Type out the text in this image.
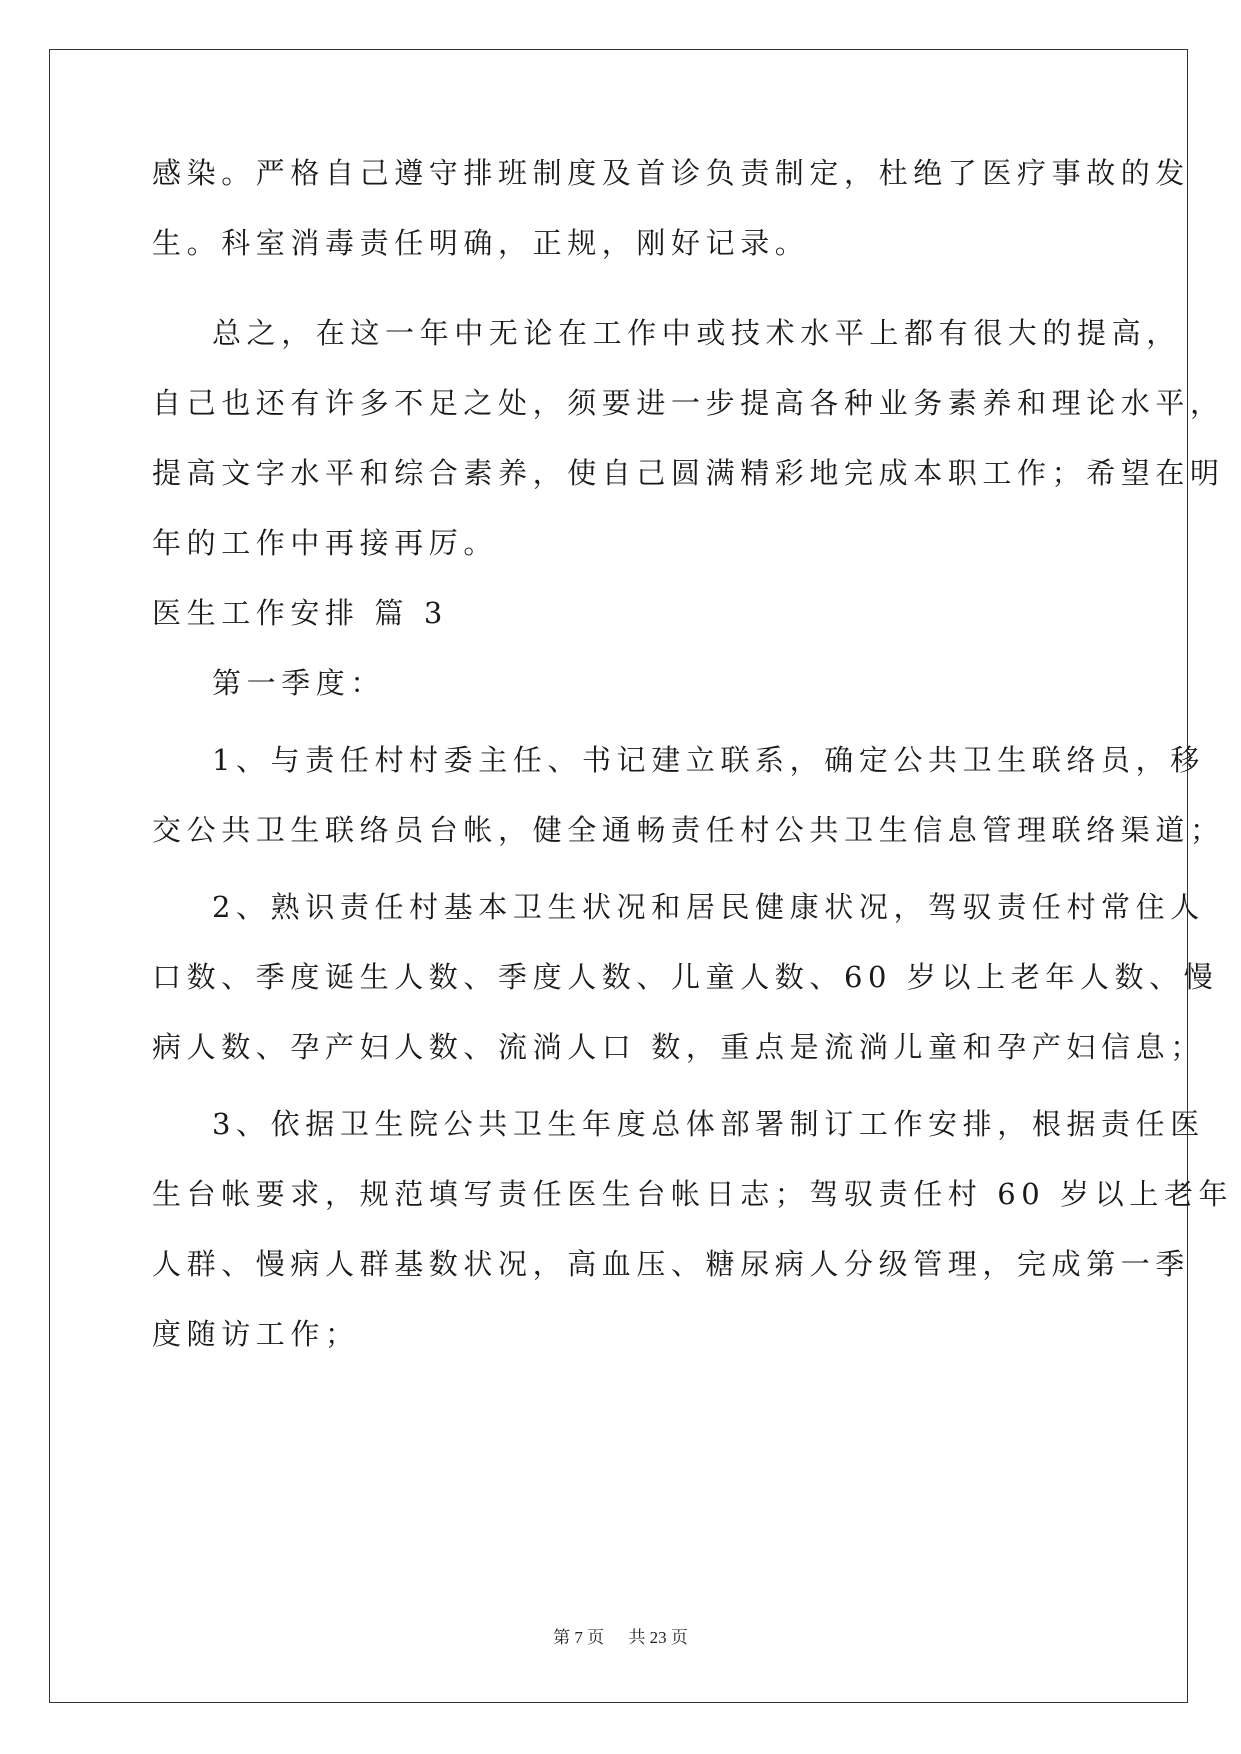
感染。严格自己遵守排班制度及首诊负责制定，杜绝了医疗事故的发
生。科室消毒责任明确，正规，刚好记录。
总之，在这一年中无论在工作中或技术水平上都有很大的提高，
自己也还有许多不足之处，须要进一步提高各种业务素养和理论水平，
提高文字水平和综合素养，使自己圆满精彩地完成本职工作；希望在明
年的工作中再接再厉。
医生工作安排 篇 3
第一季度：
1、与责任村村委主任、书记建立联系，确定公共卫生联络员，移
交公共卫生联络员台帐，健全通畅责任村公共卫生信息管理联络渠道；
2、熟识责任村基本卫生状况和居民健康状况，驾驭责任村常住人
口数、季度诞生人数、季度人数、儿童人数、60 岁以上老年人数、慢
病人数、孕产妇人数、流淌人口 数，重点是流淌儿童和孕产妇信息；
3、依据卫生院公共卫生年度总体部署制订工作安排，根据责任医
生台帐要求，规范填写责任医生台帐日志；驾驭责任村 60 岁以上老年
人群、慢病人群基数状况，高血压、糖尿病人分级管理，完成第一季
度随访工作；
第 7 页 共 23 页
